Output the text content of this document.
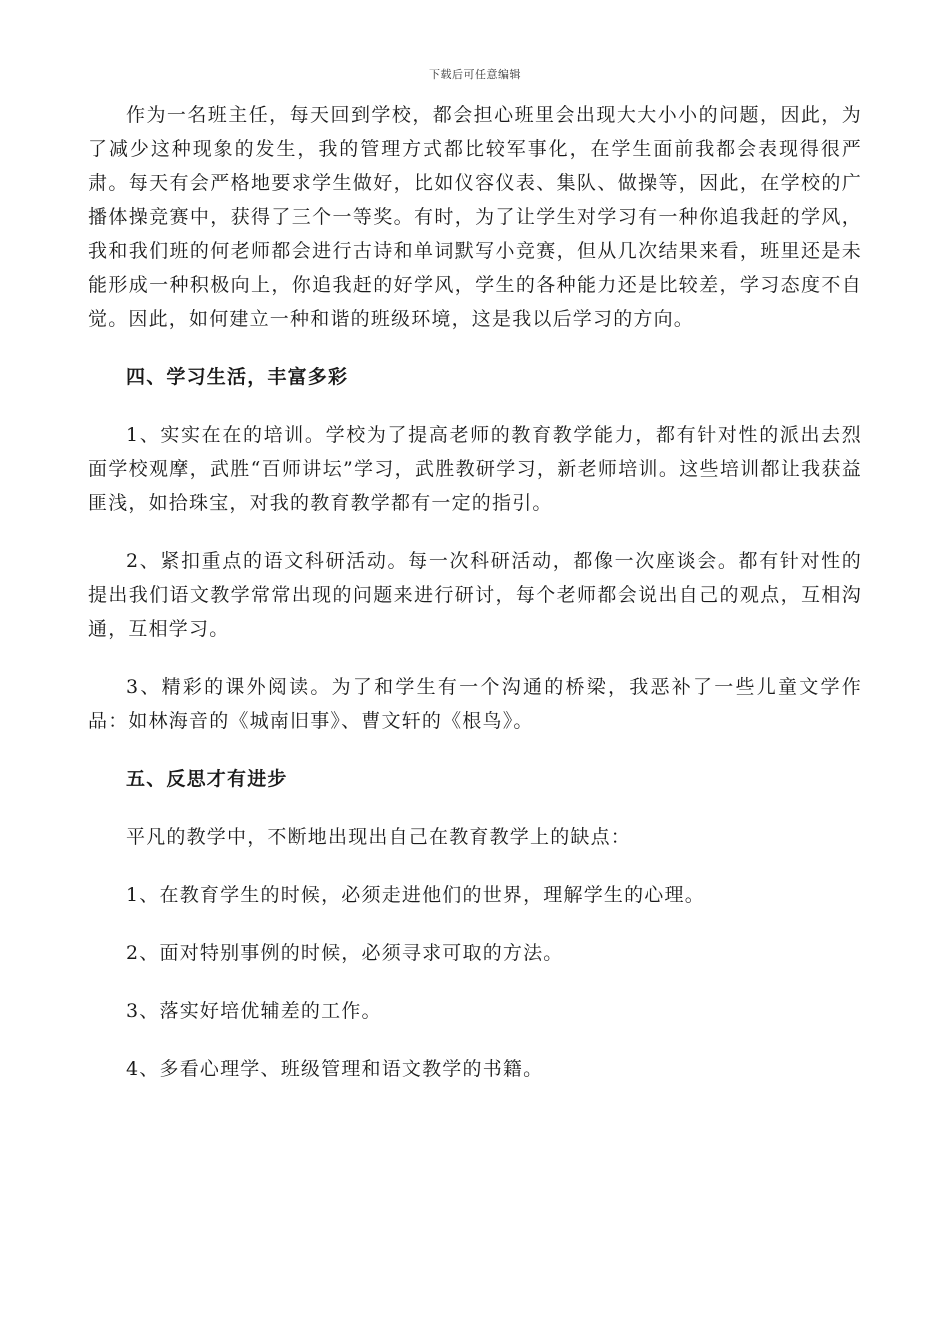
下载后可任意编辑

作为一名班主任，每天回到学校，都会担心班里会出现大大小小的问题，因此，为了减少这种现象的发生，我的管理方式都比较军事化，在学生面前我都会表现得很严肃。每天有会严格地要求学生做好，比如仪容仪表、集队、做操等，因此，在学校的广播体操竞赛中，获得了三个一等奖。有时，为了让学生对学习有一种你追我赶的学风，我和我们班的何老师都会进行古诗和单词默写小竞赛，但从几次结果来看，班里还是未能形成一种积极向上，你追我赶的好学风，学生的各种能力还是比较差，学习态度不自觉。因此，如何建立一种和谐的班级环境，这是我以后学习的方向。

四、学习生活，丰富多彩

1、实实在在的培训。学校为了提高老师的教育教学能力，都有针对性的派出去烈面学校观摩，武胜“百师讲坛”学习，武胜教研学习，新老师培训。这些培训都让我获益匪浅，如拾珠宝，对我的教育教学都有一定的指引。

2、紧扣重点的语文科研活动。每一次科研活动，都像一次座谈会。都有针对性的提出我们语文教学常常出现的问题来进行研讨，每个老师都会说出自己的观点，互相沟通，互相学习。

3、精彩的课外阅读。为了和学生有一个沟通的桥梁，我恶补了一些儿童文学作品：如林海音的《城南旧事》、曹文轩的《根鸟》。

五、反思才有进步

平凡的教学中，不断地出现出自己在教育教学上的缺点：

1、在教育学生的时候，必须走进他们的世界，理解学生的心理。

2、面对特别事例的时候，必须寻求可取的方法。

3、落实好培优辅差的工作。

4、多看心理学、班级管理和语文教学的书籍。
